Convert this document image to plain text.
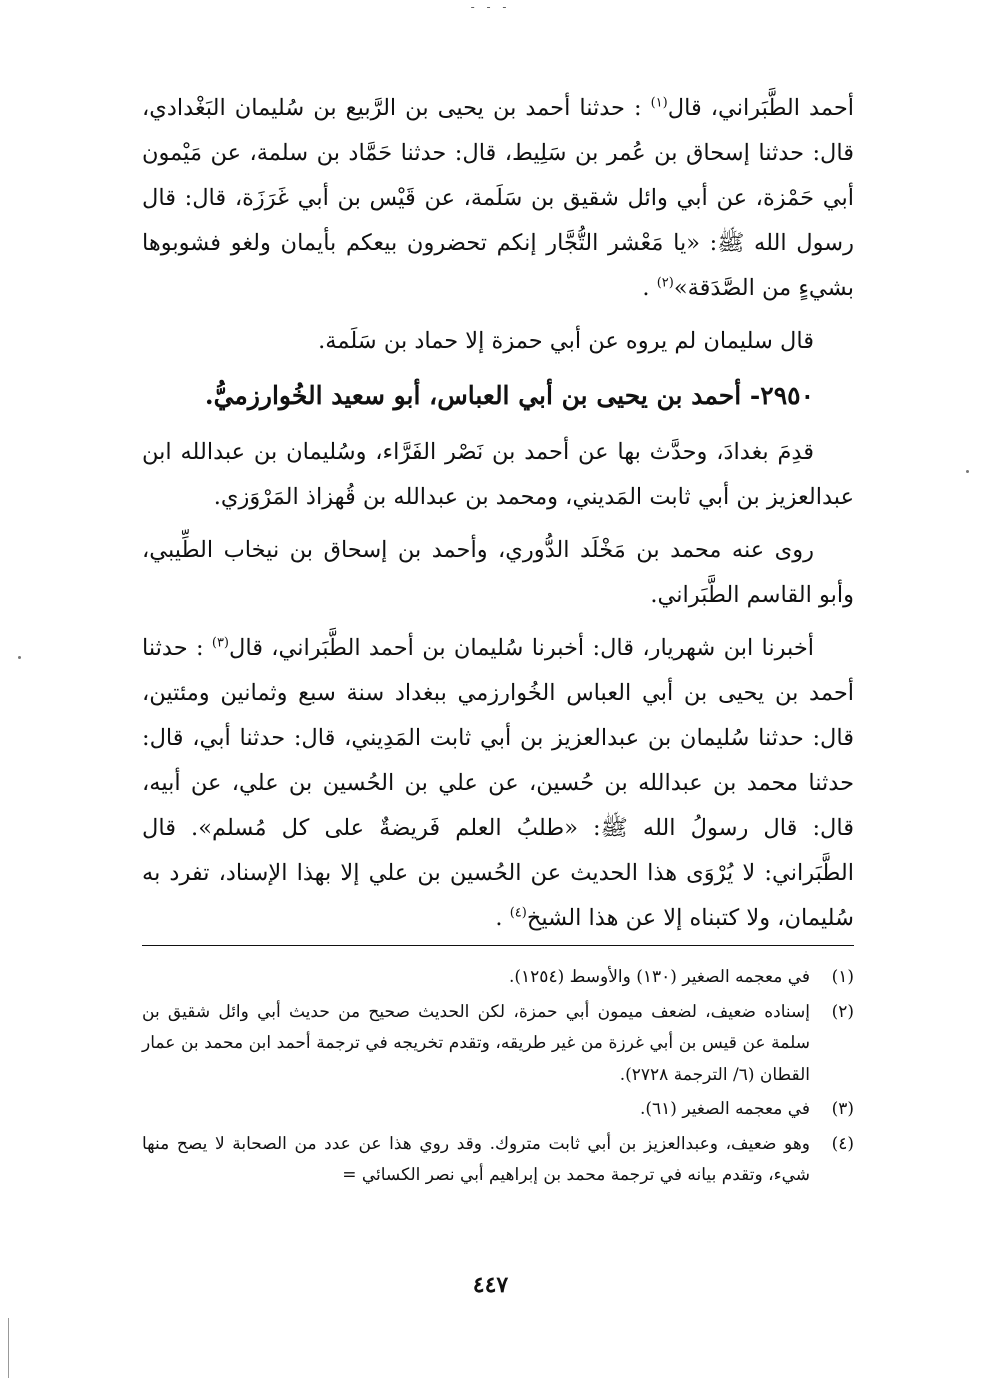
- - -

أحمد الطَّبَراني، قال$^{(١)}$ : حدثنا أحمد بن يحيى بن الرَّبيع بن سُليمان البَغْدادي، قال: حدثنا إسحاق بن عُمر بن سَلِيط، قال: حدثنا حَمَّاد بن سلمة، عن مَيْمون أبي حَمْزة، عن أبي وائل شقيق بن سَلَمة، عن قَيْس بن أبي غَرَزَة، قال: قال رسول الله ﷺ: «يا مَعْشر التُّجَّار إنكم تحضرون بيعكم بأيمان ولغو فشوبوها بشيءٍ من الصَّدَقة»$^{(٢)}$ .

قال سليمان لم يروه عن أبي حمزة إلا حماد بن سَلَمة.

٢٩٥٠- أحمد بن يحيى بن أبي العباس، أبو سعيد الخُوارزميُّ.

قدِمَ بغدادَ، وحدَّث بها عن أحمد بن نَصْر الفَرَّاء، وسُليمان بن عبدالله ابن عبدالعزيز بن أبي ثابت المَديني، ومحمد بن عبدالله بن قُهزاذ المَرْوَزي.

روى عنه محمد بن مَخْلَد الدُّوري، وأحمد بن إسحاق بن نيخاب الطِّيبي، وأبو القاسم الطَّبَراني.

أخبرنا ابن شهريار، قال: أخبرنا سُليمان بن أحمد الطَّبَراني، قال$^{(٣)}$ : حدثنا أحمد بن يحيى بن أبي العباس الخُوارزمي ببغداد سنة سبع وثمانين ومئتين، قال: حدثنا سُليمان بن عبدالعزيز بن أبي ثابت المَدِيني، قال: حدثنا أبي، قال: حدثنا محمد بن عبدالله بن حُسين، عن علي بن الحُسين بن علي، عن أبيه، قال: قال رسولُ الله ﷺ: «طلبُ العلم فَريضةٌ على كل مُسلم». قال الطَّبَراني: لا يُرْوَى هذا الحديث عن الحُسين بن علي إلا بهذا الإسناد، تفرد به سُليمان، ولا كتبناه إلا عن هذا الشيخ$^{(٤)}$ .

(١)
في معجمه الصغير (١٣٠) والأوسط (١٢٥٤).
(٢)
إسناده ضعيف، لضعف ميمون أبي حمزة، لكن الحديث صحيح من حديث أبي وائل شقيق بن سلمة عن قيس بن أبي غرزة من غير طريقه، وتقدم تخريجه في ترجمة أحمد ابن محمد بن عمار القطان (٦/ الترجمة ٢٧٢٨).
(٣)
في معجمه الصغير (٦١).
(٤)
وهو ضعيف، وعبدالعزيز بن أبي ثابت متروك. وقد روي هذا عن عدد من الصحابة لا يصح منها شيء، وتقدم بيانه في ترجمة محمد بن إبراهيم أبي نصر الكسائي =
٤٤٧
